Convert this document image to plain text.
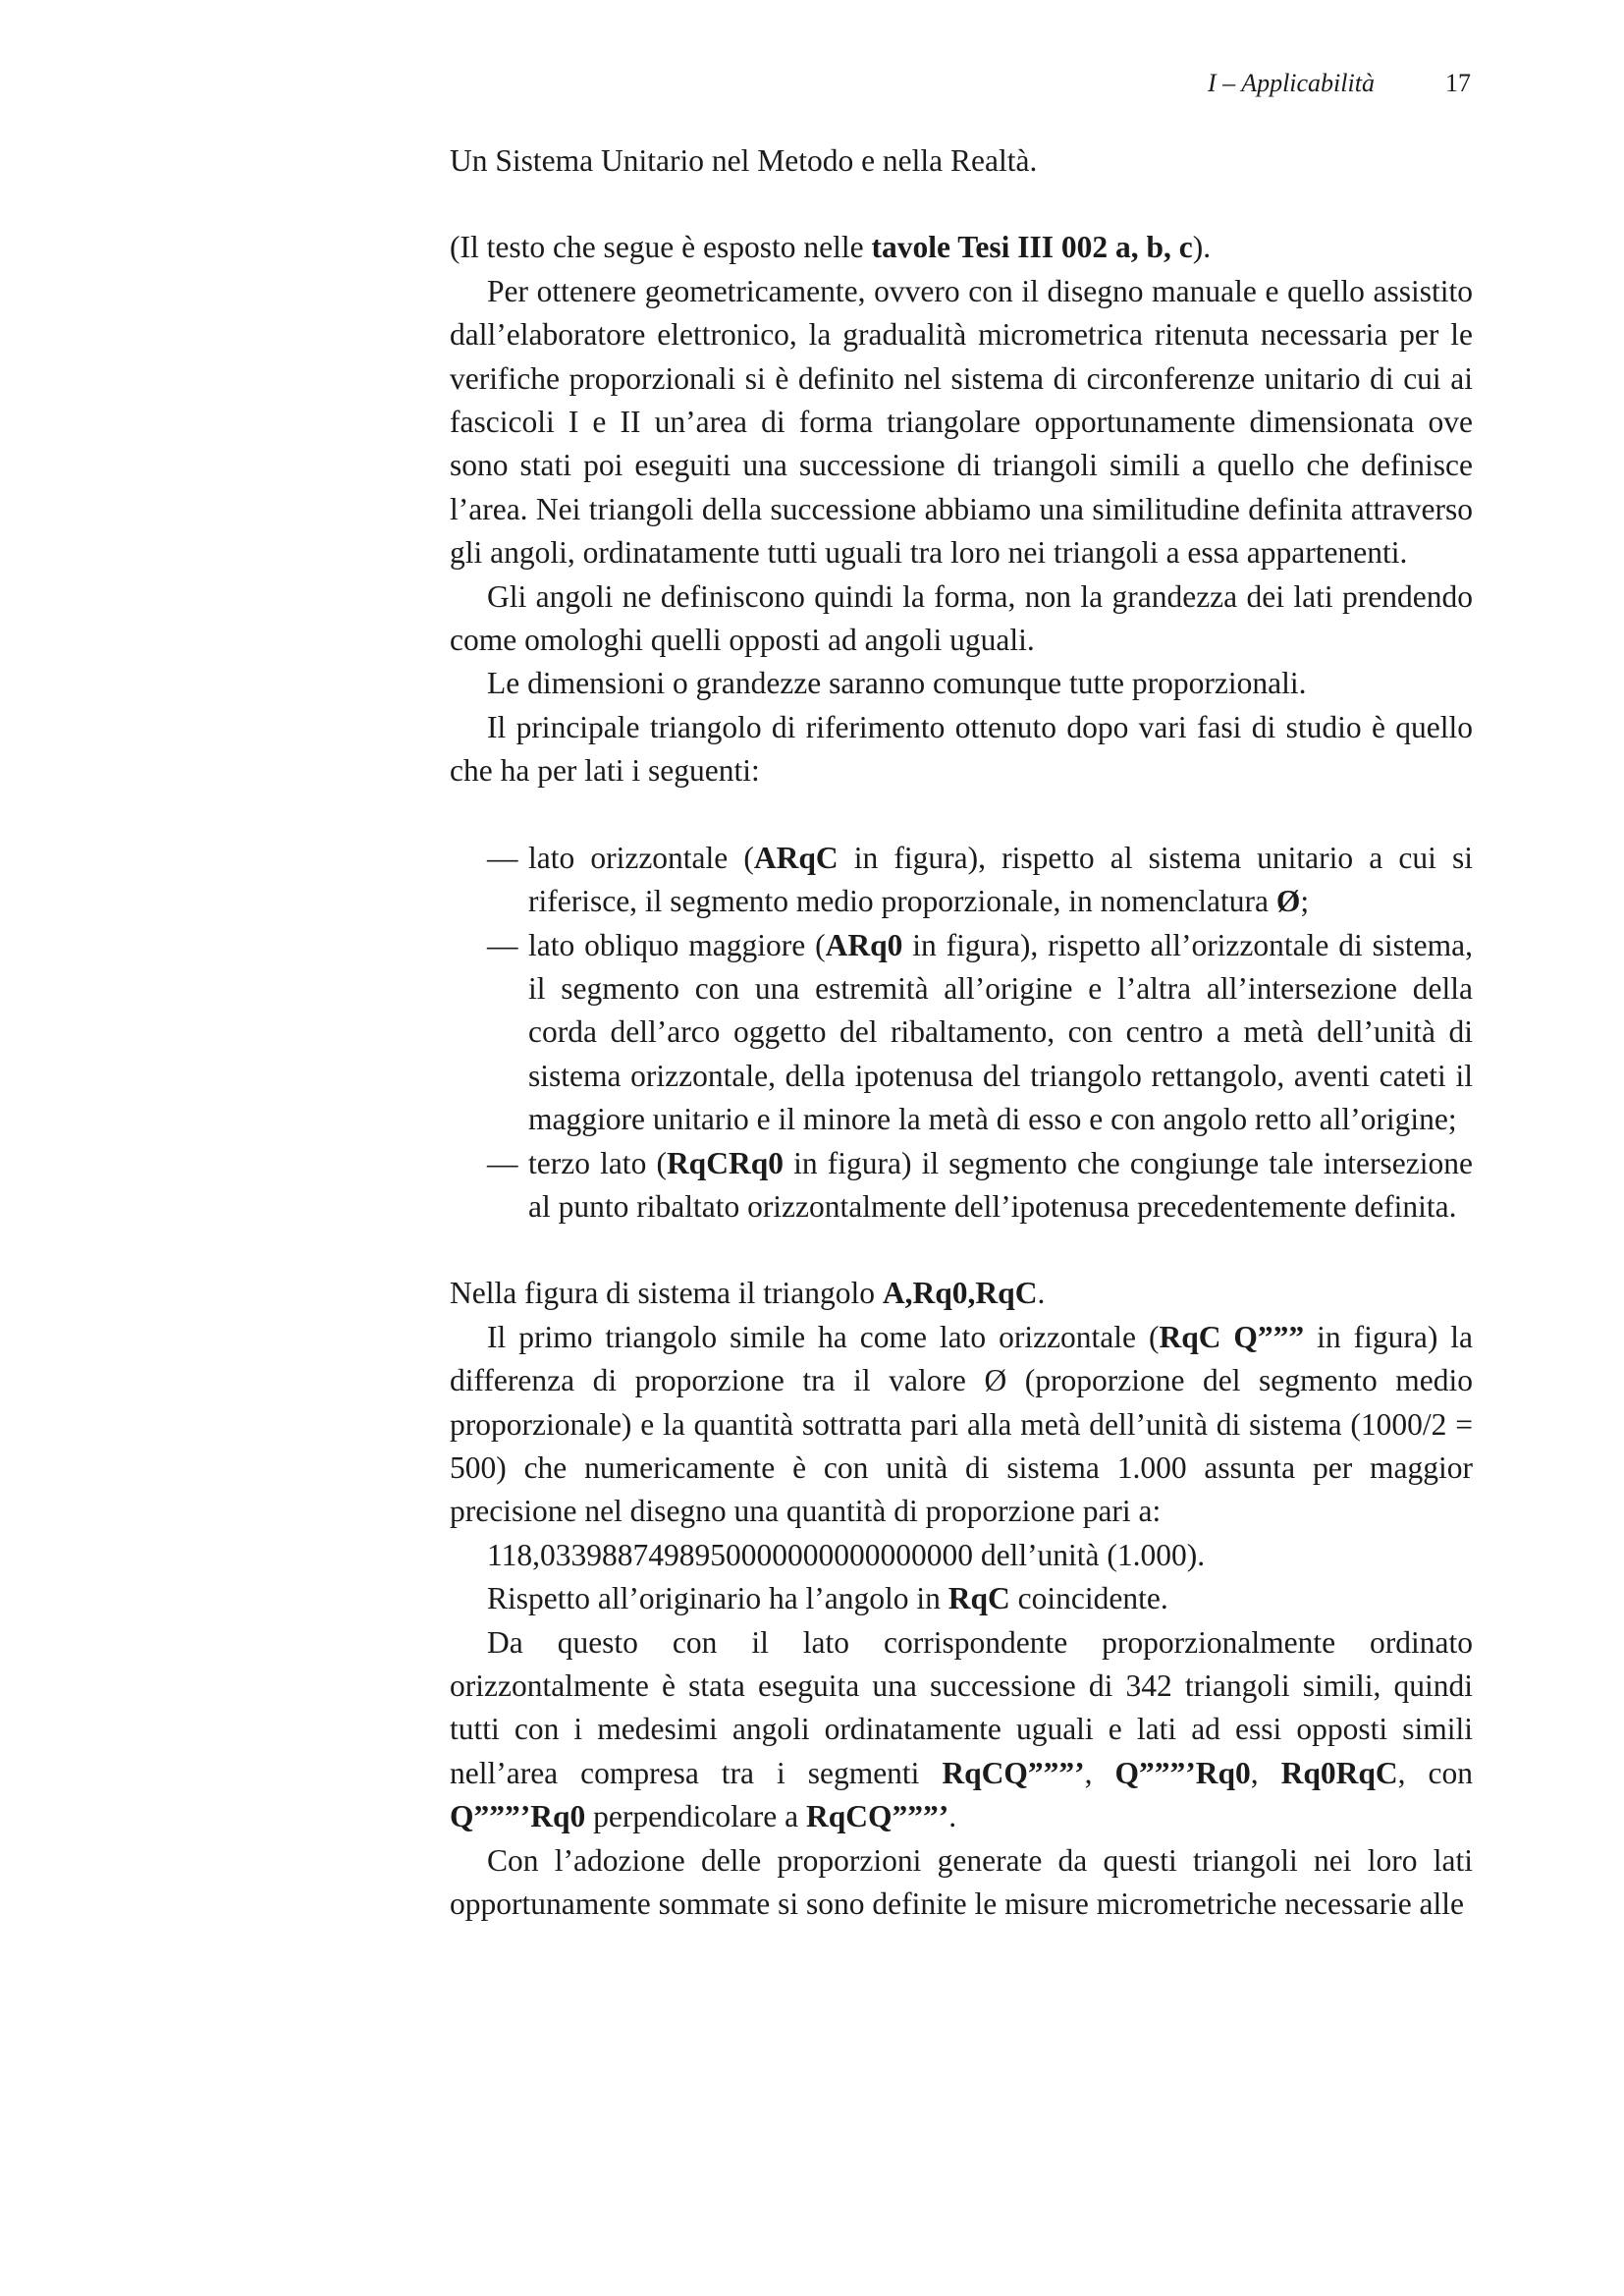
I – Applicabilità	17

Un Sistema Unitario nel Metodo e nella Realtà.

(Il testo che segue è esposto nelle tavole Tesi III 002 a, b, c).

Per ottenere geometricamente, ovvero con il disegno manuale e quello assistito dall’elaboratore elettronico, la gradualità micrometrica ritenuta necessaria per le verifiche proporzionali si è definito nel sistema di circonferenze unitario di cui ai fascicoli I e II un’area di forma triangolare opportunamente dimensionata ove sono stati poi eseguiti una successione di triangoli simili a quello che definisce l’area. Nei triangoli della successione abbiamo una similitudine definita attraverso gli angoli, ordinatamente tutti uguali tra loro nei triangoli a essa appartenenti.

Gli angoli ne definiscono quindi la forma, non la grandezza dei lati prendendo come omologhi quelli opposti ad angoli uguali.

Le dimensioni o grandezze saranno comunque tutte proporzionali.

Il principale triangolo di riferimento ottenuto dopo vari fasi di studio è quello che ha per lati i seguenti:

— lato orizzontale (ARqC in figura), rispetto al sistema unitario a cui si riferisce, il segmento medio proporzionale, in nomenclatura Ø;
— lato obliquo maggiore (ARq0 in figura), rispetto all’orizzontale di sistema, il segmento con una estremità all’origine e l’altra all’intersezione della corda dell’arco oggetto del ribaltamento, con centro a metà dell’unità di sistema orizzontale, della ipotenusa del triangolo rettangolo, aventi cateti il maggiore unitario e il minore la metà di esso e con angolo retto all’origine;
— terzo lato (RqCRq0 in figura) il segmento che congiunge tale intersezione al punto ribaltato orizzontalmente dell’ipotenusa precedentemente definita.

Nella figura di sistema il triangolo A,Rq0,RqC.

Il primo triangolo simile ha come lato orizzontale (RqC Q””” in figura) la differenza di proporzione tra il valore Ø (proporzione del segmento medio proporzionale) e la quantità sottratta pari alla metà dell’unità di sistema (1000/2 = 500) che numericamente è con unità di sistema 1.000 assunta per maggior precisione nel disegno una quantità di proporzione pari a:

118,0339887498950000000000000000 dell’unità (1.000).

Rispetto all’originario ha l’angolo in RqC coincidente.

Da questo con il lato corrispondente proporzionalmente ordinato orizzontalmente è stata eseguita una successione di 342 triangoli simili, quindi tutti con i medesimi angoli ordinatamente uguali e lati ad essi opposti simili nell’area compresa tra i segmenti RqCQ”””’, Q”””’Rq0, Rq0RqC, con Q”””’Rq0 perpendicolare a RqCQ”””’.

Con l’adozione delle proporzioni generate da questi triangoli nei loro lati opportunamente sommate si sono definite le misure micrometriche necessarie alle
